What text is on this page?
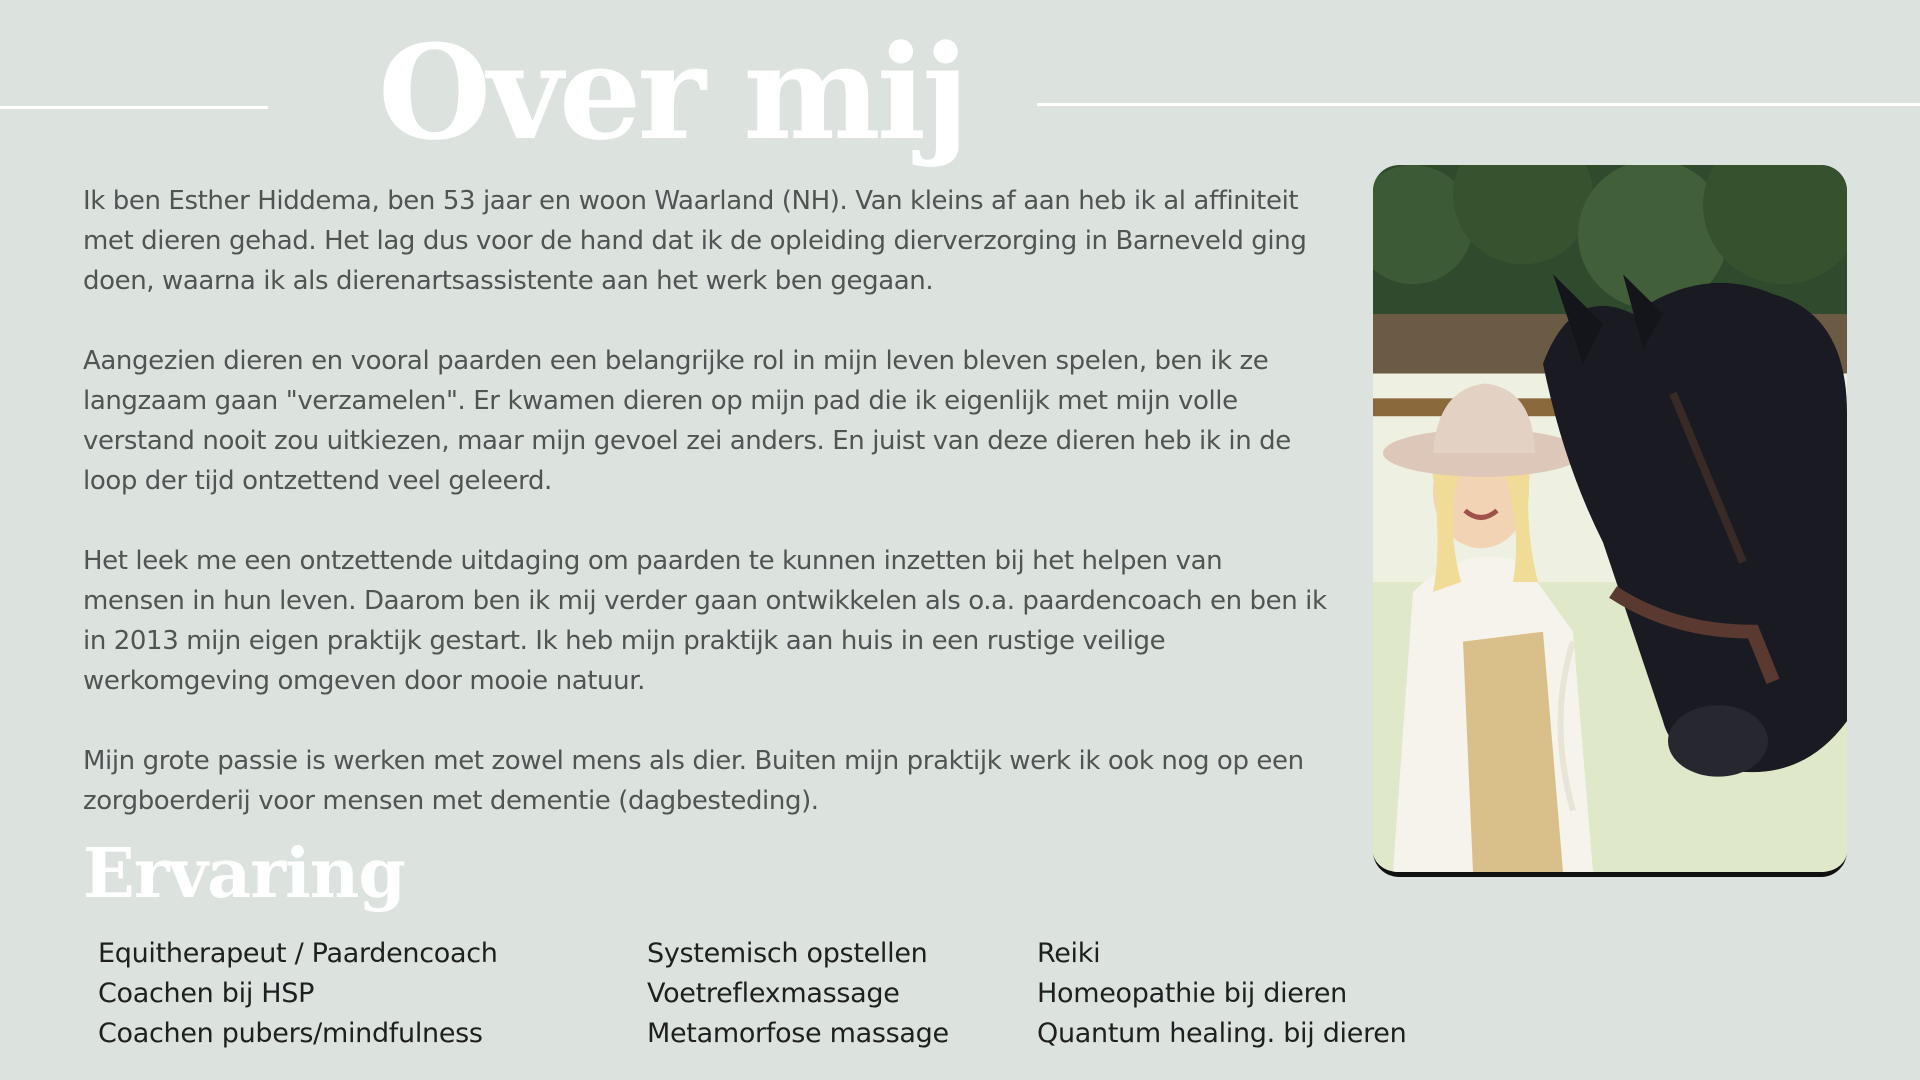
Over mij

Ik ben Esther Hiddema, ben 53 jaar en woon Waarland (NH). Van kleins af aan heb ik al affiniteit
met dieren gehad. Het lag dus voor de hand dat ik de opleiding dierverzorging in Barneveld ging
doen, waarna ik als dierenartsassistente aan het werk ben gegaan.

Aangezien dieren en vooral paarden een belangrijke rol in mijn leven bleven spelen, ben ik ze
langzaam gaan "verzamelen". Er kwamen dieren op mijn pad die ik eigenlijk met mijn volle
verstand nooit zou uitkiezen, maar mijn gevoel zei anders. En juist van deze dieren heb ik in de
loop der tijd ontzettend veel geleerd.

Het leek me een ontzettende uitdaging om paarden te kunnen inzetten bij het helpen van
mensen in hun leven. Daarom ben ik mij verder gaan ontwikkelen als o.a. paardencoach en ben ik
in 2013 mijn eigen praktijk gestart. Ik heb mijn praktijk aan huis in een rustige veilige
werkomgeving omgeven door mooie natuur.

Mijn grote passie is werken met zowel mens als dier. Buiten mijn praktijk werk ik ook nog op een
zorgboerderij voor mensen met dementie (dagbesteding).

Ervaring
Equitherapeut / Paardencoach
Coachen bij HSP
Coachen pubers/mindfulness
Systemisch opstellen
Voetreflexmassage
Metamorfose massage
Reiki
Homeopathie bij dieren
Quantum healing. bij dieren
